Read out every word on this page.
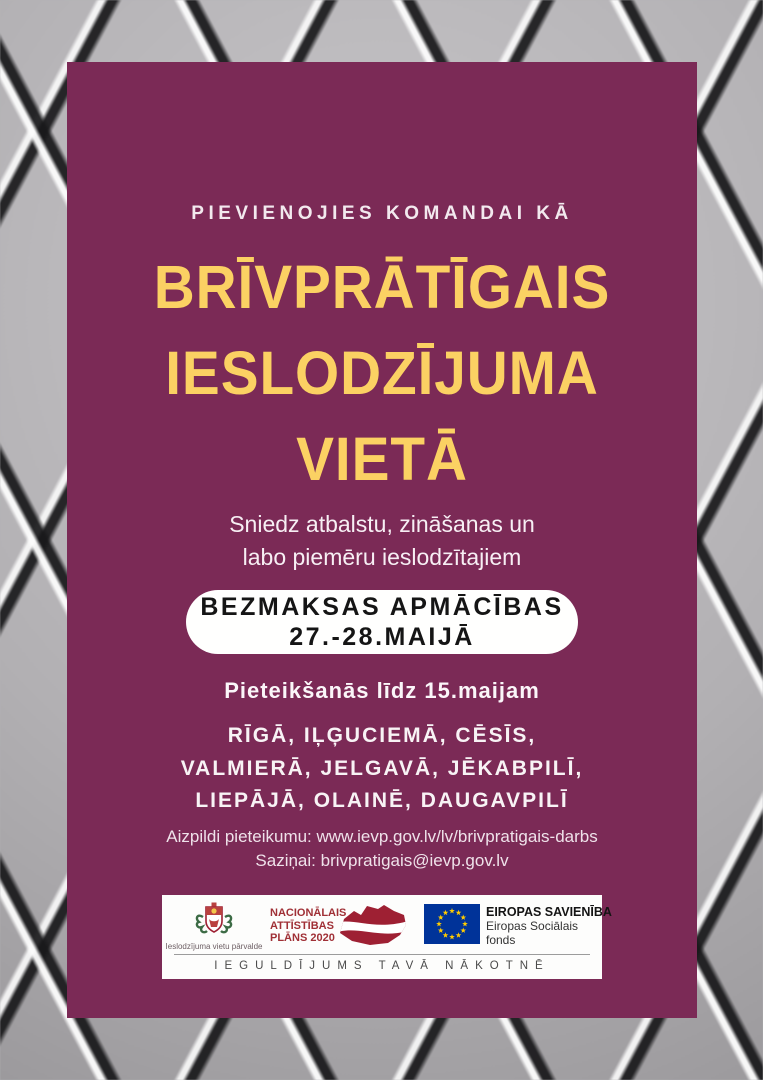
PIEVIENOJIES KOMANDAI KĀ
BRĪVPRĀTĪGAIS
IESLODZĪJUMA
VIETĀ
Sniedz atbalstu, zināšanas un
labo piemēru ieslodzītajiem
BEZMAKSAS APMĀCĪBAS
27.-28.MAIJĀ
Pieteikšanās līdz 15.maijam
RĪGĀ, IĻĢUCIEMĀ, CĒSĪS,
VALMIERĀ, JELGAVĀ, JĒKABPILĪ,
LIEPĀJĀ, OLAINĒ, DAUGAVPILĪ
Aizpildi pieteikumu: www.ievp.gov.lv/lv/brivpratigais-darbs
Saziņai: brivpratigais@ievp.gov.lv
Ieslodzījuma vietu pārvalde
NACIONĀLAIS
ATTĪSTĪBAS
PLĀNS 2020
EIROPAS SAVIENĪBA
Eiropas Sociālais
fonds
IEGULDĪJUMS TAVĀ NĀKOTNĒ
